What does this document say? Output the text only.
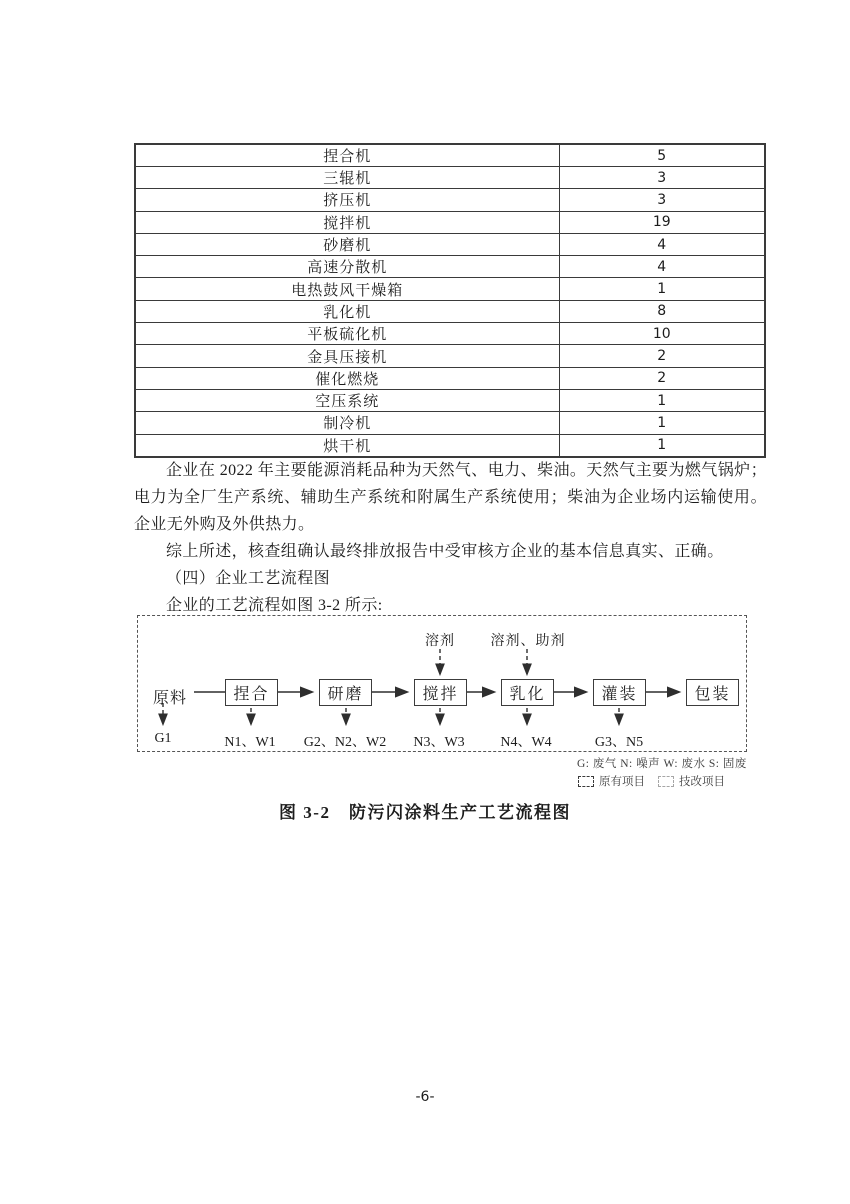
捏合机	5
三辊机	3
挤压机	3
搅拌机	19
砂磨机	4
高速分散机	4
电热鼓风干燥箱	1
乳化机	8
平板硫化机	10
金具压接机	2
催化燃烧	2
空压系统	1
制冷机	1
烘干机	1

企业在 2022 年主要能源消耗品种为天然气、电力、柴油。天然气主要为燃气锅炉；电力为全厂生产系统、辅助生产系统和附属生产系统使用；柴油为企业场内运输使用。企业无外购及外供热力。

综上所述，核查组确认最终排放报告中受审核方企业的基本信息真实、正确。

（四）企业工艺流程图

企业的工艺流程如图 3-2 所示:

原料	捏合	研磨	搅拌	乳化	灌装	包装
溶剂	溶剂、助剂
G1	N1、W1	G2、N2、W2	N3、W3	N4、W4	G3、N5
G: 废气 N: 噪声 W: 废水 S: 固废
原有项目	技改项目
图 3-2　防污闪涂料生产工艺流程图
-6-
